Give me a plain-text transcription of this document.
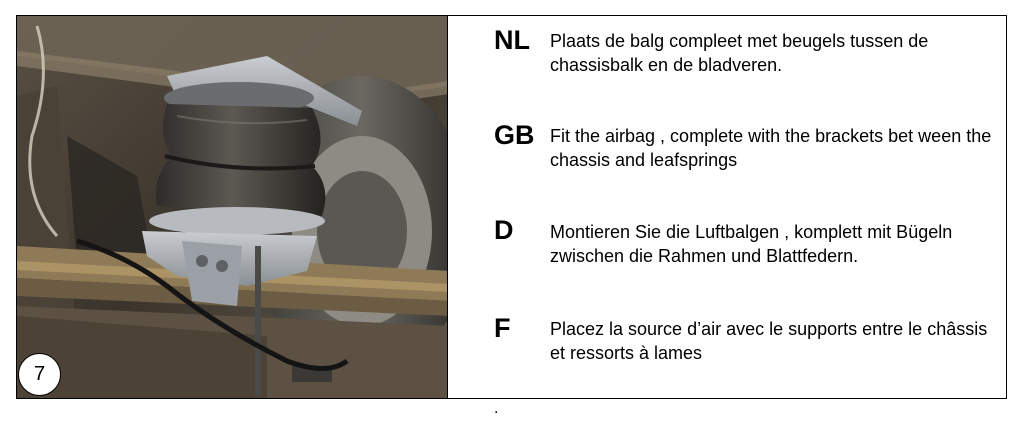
7
NL Plaats de balg compleet met beugels tussen de chassisbalk en de bladveren.
GB Fit the airbag , complete with the brackets bet ween the chassis and leafsprings
D Montieren Sie die Luftbalgen , komplett mit Bügeln zwischen die Rahmen und Blattfedern.
F Placez la source d’air avec le supports entre le châssis et ressorts à lames
.
